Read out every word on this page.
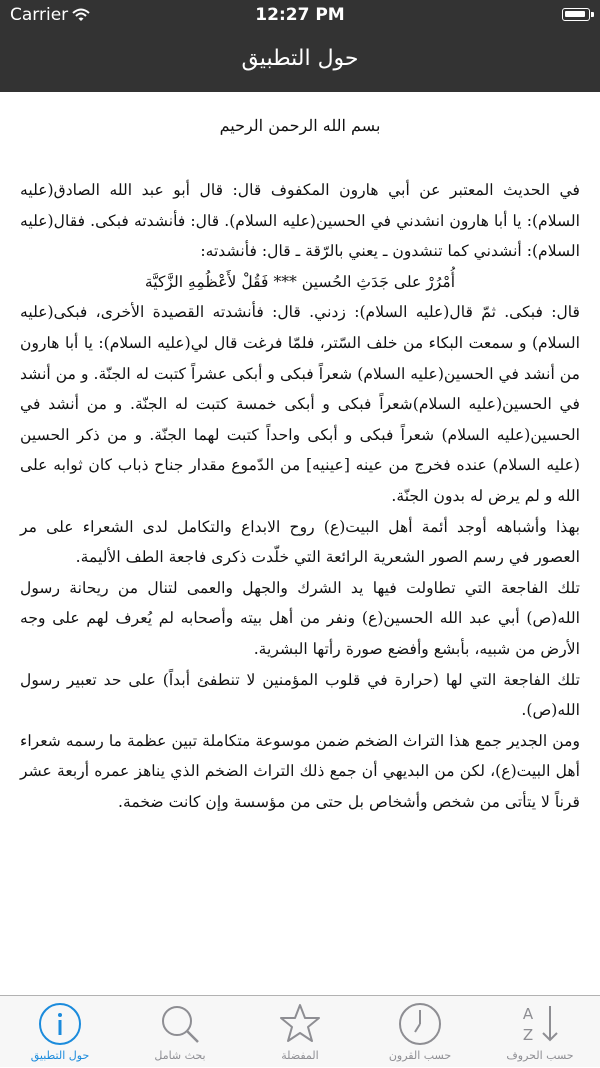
Carrier	12:27 PM
حول التطبيق
بسم الله الرحمن الرحيم

في الحديث المعتبر عن أبي هارون المكفوف قال: قال أبو عبد الله الصادق(عليه السلام): يا أبا هارون انشدني في الحسين(عليه السلام). قال: فأنشدته فبكى. فقال(عليه السلام): أنشدني كما تنشدون ـ يعني بالرّقة ـ قال: فأنشدته:

أُمْرُرْ على جَدَثِ الحُسين *** فَقُلْ لأَعْظُمِهِ الزَّكيَّة

قال: فبكى. ثمّ قال(عليه السلام): زدني. قال: فأنشدته القصيدة الأخرى، فبكى(عليه السلام) و سمعت البكاء من خلف السّتر، فلمّا فرغت قال لي(عليه السلام): يا أبا هارون من أنشد في الحسين(عليه السلام) شعراً فبكى و أبكى عشراً كتبت له الجنّة. و من أنشد في الحسين(عليه السلام)شعراً فبكى و أبكى خمسة كتبت له الجنّة. و من أنشد في الحسين(عليه السلام) شعراً فبكى و أبكى واحداً كتبت لهما الجنّة. و من ذكر الحسين (عليه السلام) عنده فخرج من عينه [عينيه] من الدّموع مقدار جناح ذباب كان ثوابه على الله و لم يرض له بدون الجنّة.

بهذا وأشباهه أوجد أئمة أهل البيت(ع) روح الابداع والتكامل لدى الشعراء على مر العصور في رسم الصور الشعرية الرائعة التي خلّدت ذكرى فاجعة الطف الأليمة.

تلك الفاجعة التي تطاولت فيها يد الشرك والجهل والعمى لتنال من ريحانة رسول الله(ص) أبي عبد الله الحسين(ع) ونفر من أهل بيته وأصحابه لم يُعرف لهم على وجه الأرض من شبيه، بأبشع وأفضع صورة رأتها البشرية.

تلك الفاجعة التي لها (حرارة في قلوب المؤمنين لا تنطفئ أبداً) على حد تعبير رسول الله(ص).

ومن الجدير جمع هذا التراث الضخم ضمن موسوعة متكاملة تبين عظمة ما رسمه شعراء أهل البيت(ع)، لكن من البديهي أن جمع ذلك التراث الضخم الذي يناهز عمره أربعة عشر قرناً لا يتأتى من شخص وأشخاص بل حتى من مؤسسة وإن كانت ضخمة.

حول التطبيق	بحث شامل	المفضلة	حسب القرون
A
Z
حسب الحروف
